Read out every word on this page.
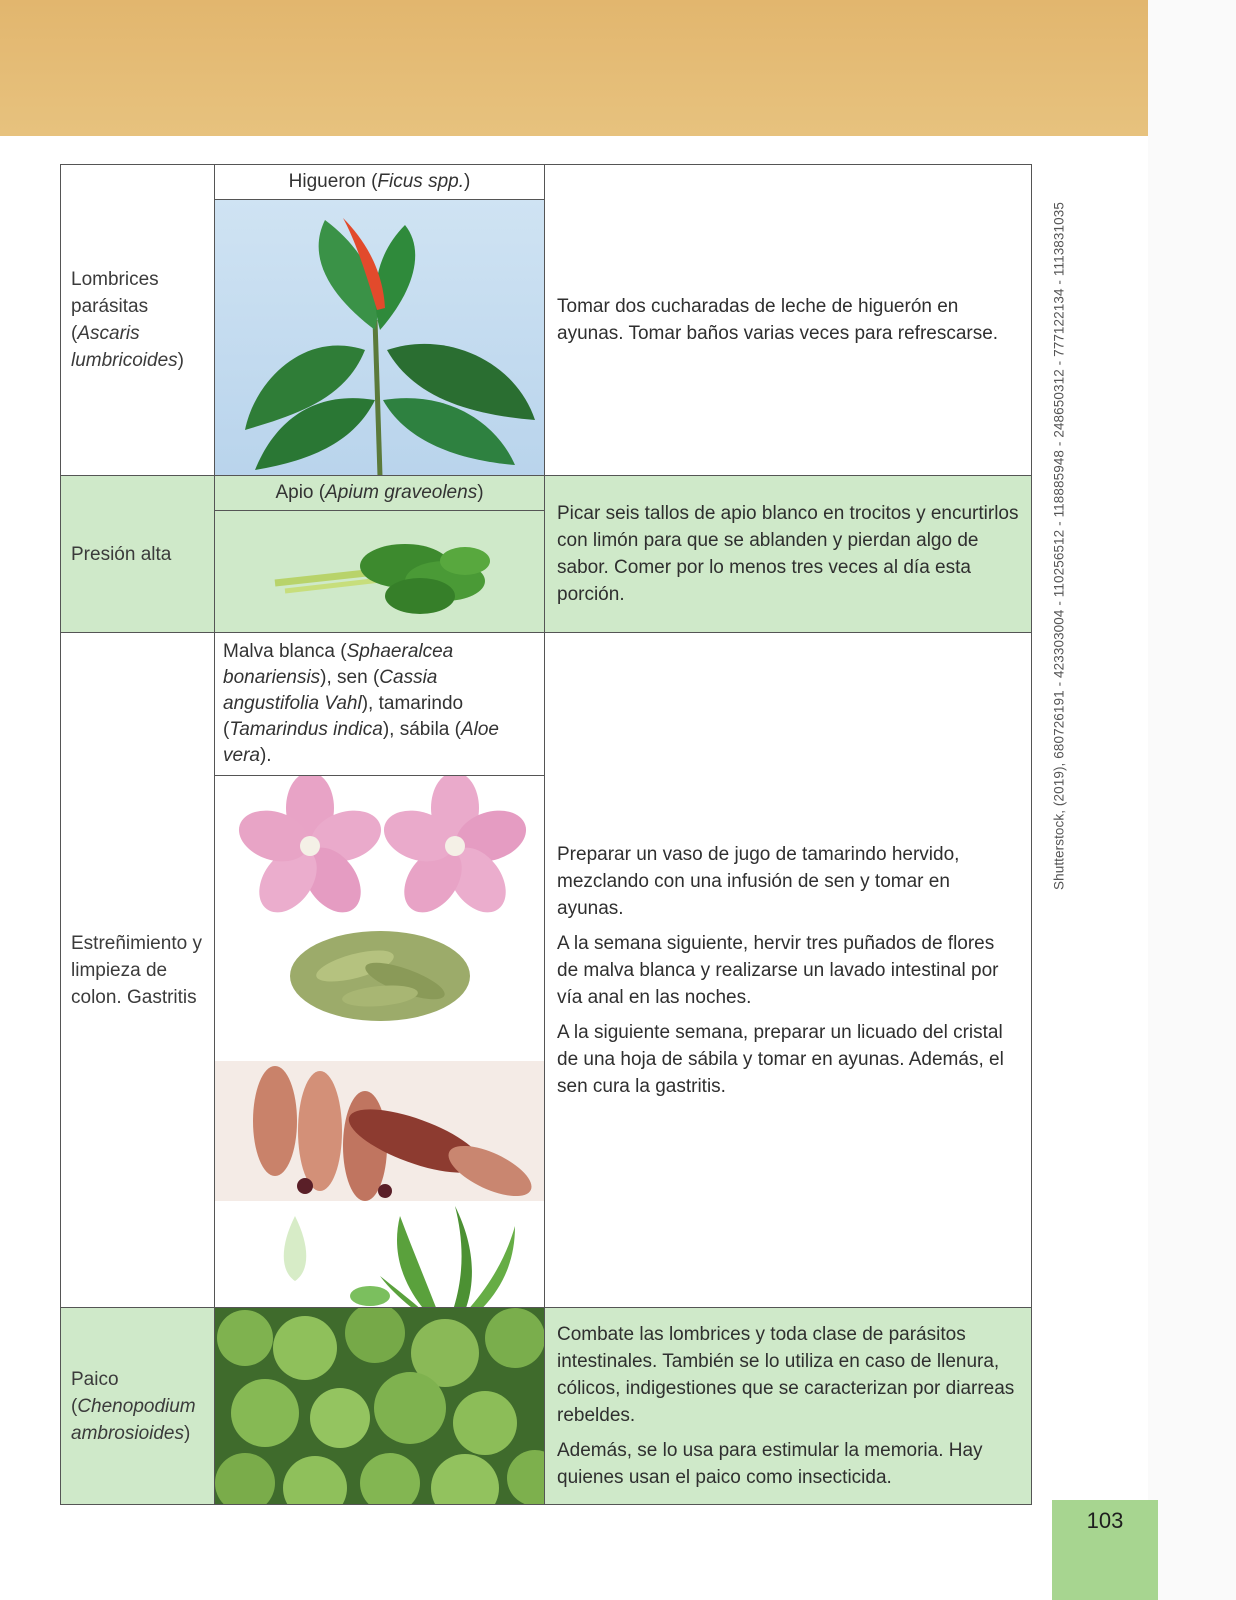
Shutterstock, (2019), 680726191 - 423303004 - 110256512 - 118885948 - 248650312 - 777122134 - 1113831035
Lombrices parásitas
(Ascaris lumbricoides)
Higueron (Ficus spp.)

Tomar dos cucharadas de leche de higuerón en ayunas. Tomar baños varias veces para refrescarse.

Presión alta
Apio (Apium graveolens)

Picar seis tallos de apio blanco en trocitos y encurtirlos con limón para que se ablanden y pierdan algo de sabor. Comer por lo menos tres veces al día esta porción.

Estreñimiento y limpieza de colon. Gastritis
Malva blanca (Sphaeralcea bonariensis), sen (Cassia angustifolia Vahl), tamarindo (Tamarindus indica), sábila (Aloe vera).

Preparar un vaso de jugo de tamarindo hervido, mezclando con una infusión de sen y tomar en ayunas.

A la semana siguiente, hervir tres puñados de flores de malva blanca y realizarse un lavado intestinal por vía anal en las noches.

A la siguiente semana, preparar un licuado del cristal de una hoja de sábila y tomar en ayunas. Además, el sen cura la gastritis.

Paico
(Chenopodium ambrosioides)

Combate las lombrices y toda clase de parásitos intestinales. También se lo utiliza en caso de llenura, cólicos, indigestiones que se caracterizan por diarreas rebeldes.

Además, se lo usa para estimular la memoria. Hay quienes usan el paico como insecticida.

103
